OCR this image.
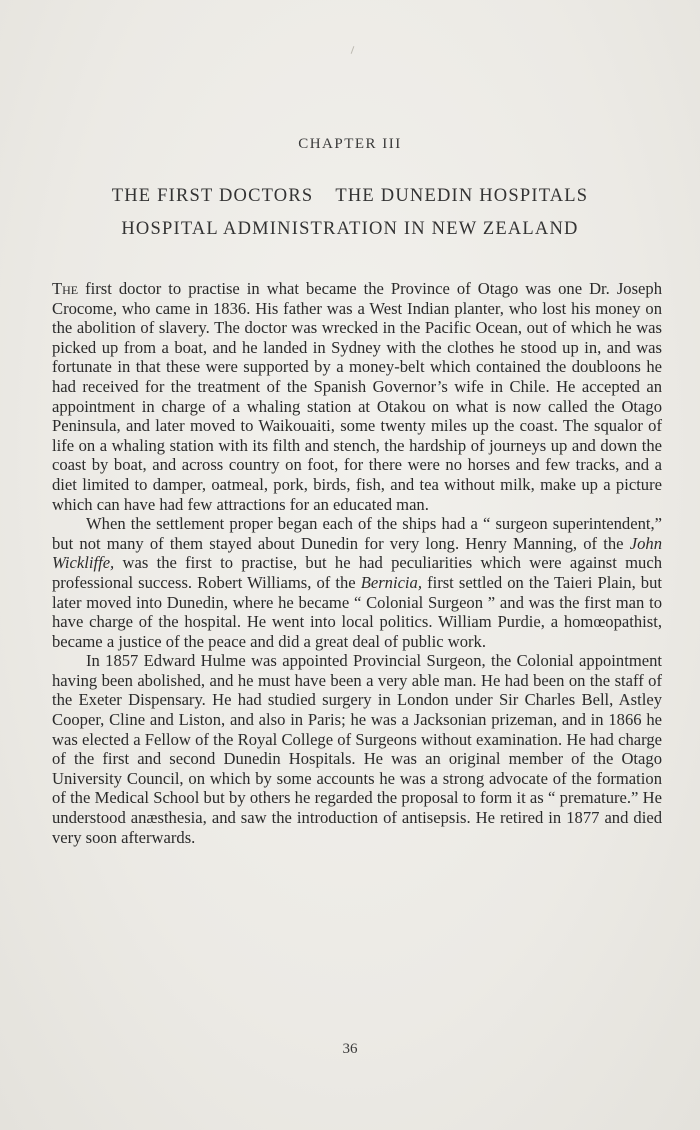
CHAPTER III

THE FIRST DOCTORS THE DUNEDIN HOSPITALS
HOSPITAL ADMINISTRATION IN NEW ZEALAND

The first doctor to practise in what became the Province of Otago was one Dr. Joseph Crocome, who came in 1836. His father was a West Indian planter, who lost his money on the abolition of slavery. The doctor was wrecked in the Pacific Ocean, out of which he was picked up from a boat, and he landed in Sydney with the clothes he stood up in, and was fortunate in that these were supported by a money-belt which contained the doubloons he had received for the treatment of the Spanish Governor’s wife in Chile. He accepted an appointment in charge of a whaling station at Otakou on what is now called the Otago Peninsula, and later moved to Waikouaiti, some twenty miles up the coast. The squalor of life on a whaling station with its filth and stench, the hardship of journeys up and down the coast by boat, and across country on foot, for there were no horses and few tracks, and a diet limited to damper, oatmeal, pork, birds, fish, and tea without milk, make up a picture which can have had few attractions for an educated man.

When the settlement proper began each of the ships had a “ surgeon superintendent,” but not many of them stayed about Dunedin for very long. Henry Manning, of the John Wickliffe, was the first to practise, but he had peculiarities which were against much professional success. Robert Williams, of the Bernicia, first settled on the Taieri Plain, but later moved into Dunedin, where he became “ Colonial Surgeon ” and was the first man to have charge of the hospital. He went into local politics. William Purdie, a homœopathist, became a justice of the peace and did a great deal of public work.

In 1857 Edward Hulme was appointed Provincial Surgeon, the Colonial appointment having been abolished, and he must have been a very able man. He had been on the staff of the Exeter Dispensary. He had studied surgery in London under Sir Charles Bell, Astley Cooper, Cline and Liston, and also in Paris; he was a Jacksonian prizeman, and in 1866 he was elected a Fellow of the Royal College of Surgeons without examination. He had charge of the first and second Dunedin Hospitals. He was an original member of the Otago University Council, on which by some accounts he was a strong advocate of the formation of the Medical School but by others he regarded the proposal to form it as “ premature.” He understood anæsthesia, and saw the introduction of antisepsis. He retired in 1877 and died very soon afterwards.

36
